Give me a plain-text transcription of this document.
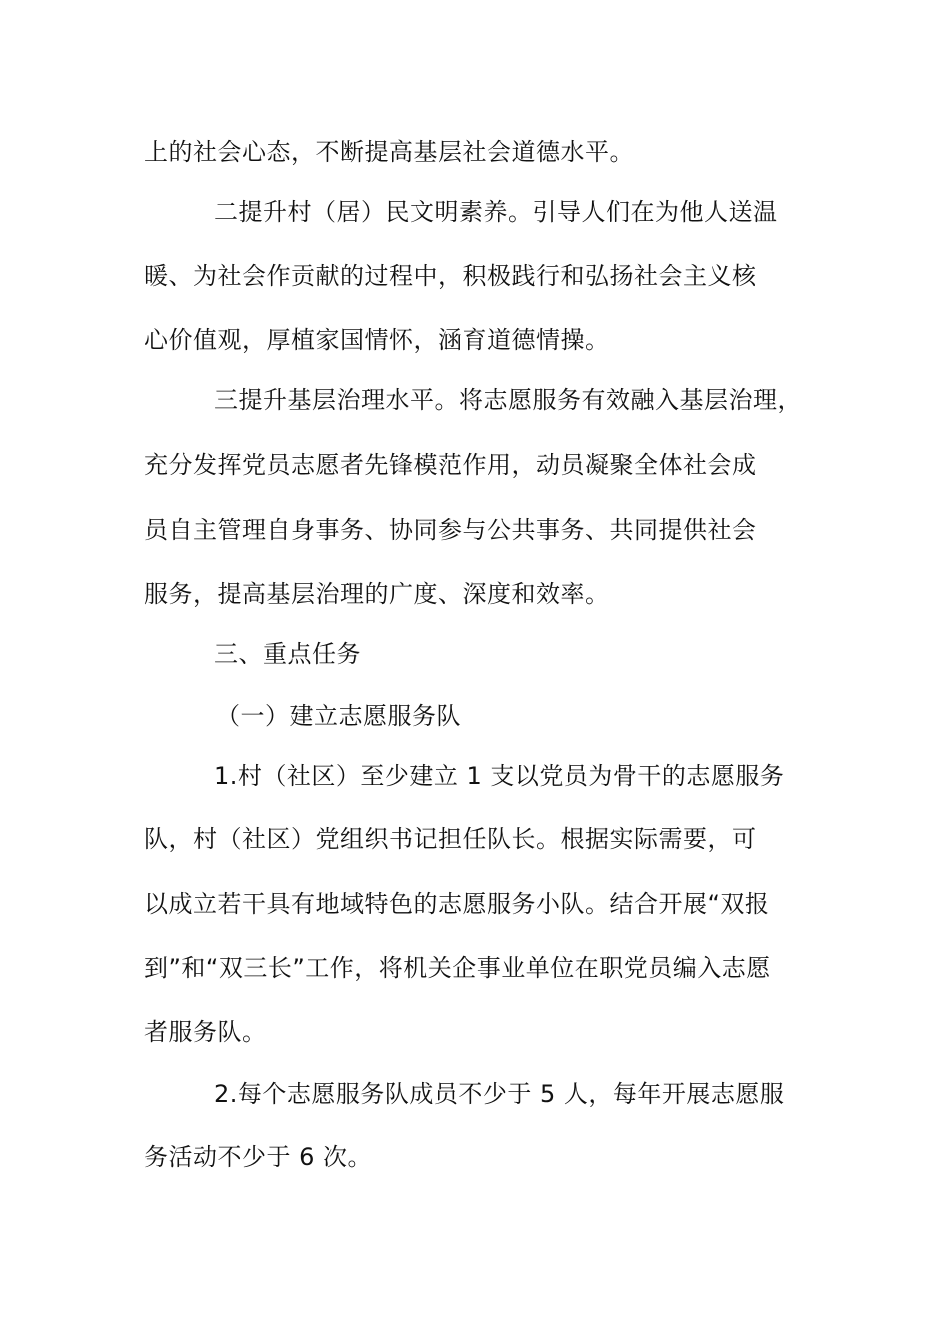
上的社会心态，不断提高基层社会道德水平。
二提升村（居）民文明素养。引导人们在为他人送温
暖、为社会作贡献的过程中，积极践行和弘扬社会主义核
心价值观，厚植家国情怀，涵育道德情操。
三提升基层治理水平。将志愿服务有效融入基层治理，
充分发挥党员志愿者先锋模范作用，动员凝聚全体社会成
员自主管理自身事务、协同参与公共事务、共同提供社会
服务，提高基层治理的广度、深度和效率。
三、重点任务
（一）建立志愿服务队
1.村（社区）至少建立 1 支以党员为骨干的志愿服务
队，村（社区）党组织书记担任队长。根据实际需要，可
以成立若干具有地域特色的志愿服务小队。结合开展“双报
到”和“双三长”工作，将机关企事业单位在职党员编入志愿
者服务队。
2.每个志愿服务队成员不少于 5 人，每年开展志愿服
务活动不少于 6 次。
